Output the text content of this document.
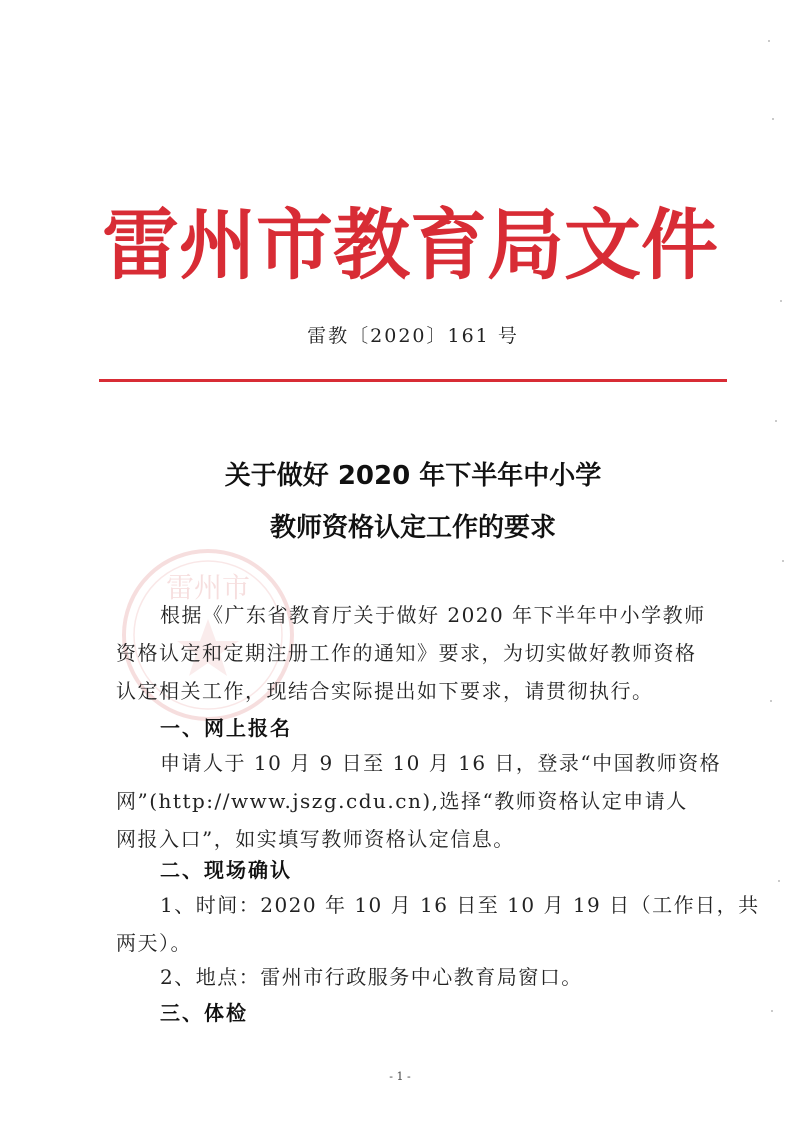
雷州市教育局文件
雷教〔2020〕161 号
关于做好 2020 年下半年中小学
教师资格认定工作的要求
雷州市
根据《广东省教育厅关于做好 2020 年下半年中小学教师
资格认定和定期注册工作的通知》要求，为切实做好教师资格
认定相关工作，现结合实际提出如下要求，请贯彻执行。
一、网上报名
申请人于 10 月 9 日至 10 月 16 日，登录“中国教师资格
网”(http://www.jszg.cdu.cn),选择“教师资格认定申请人
网报入口”，如实填写教师资格认定信息。
二、现场确认
1、时间：2020 年 10 月 16 日至 10 月 19 日（工作日，共
两天）。
2、地点：雷州市行政服务中心教育局窗口。
三、体检
- 1 -
